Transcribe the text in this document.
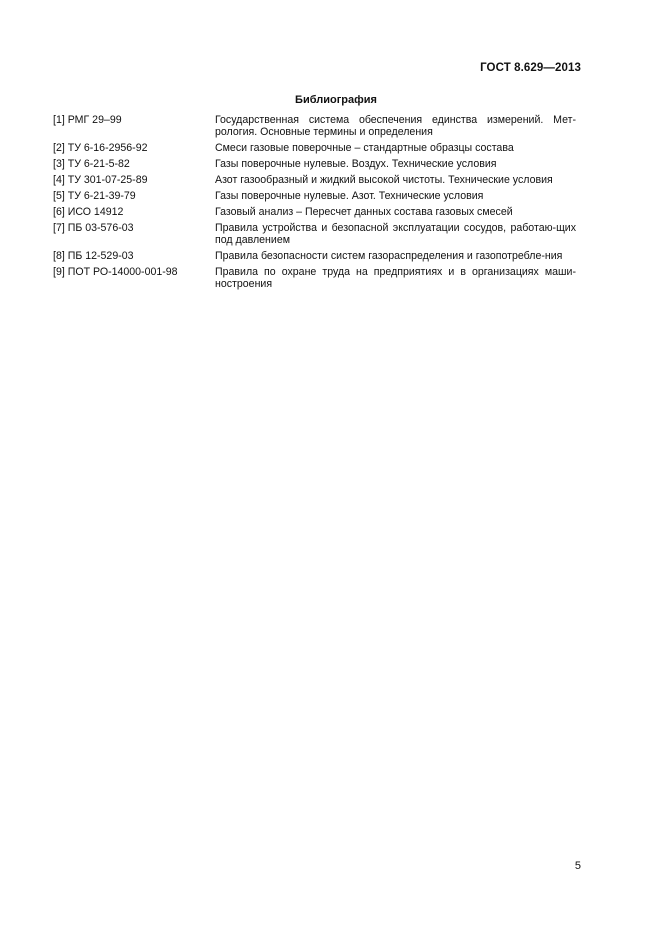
ГОСТ 8.629—2013
Библиография
[1] РМГ 29–99	Государственная система обеспечения единства измерений. Мет-рология. Основные термины и определения
[2] ТУ 6-16-2956-92	Смеси газовые поверочные – стандартные образцы состава
[3] ТУ 6-21-5-82	Газы поверочные нулевые. Воздух. Технические условия
[4] ТУ 301-07-25-89	Азот газообразный и жидкий высокой чистоты. Технические условия
[5] ТУ 6-21-39-79	Газы поверочные нулевые. Азот. Технические условия
[6] ИСО 14912	Газовый анализ – Пересчет данных состава газовых смесей
[7] ПБ 03-576-03	Правила устройства и безопасной эксплуатации сосудов, работаю-щих под давлением
[8] ПБ 12-529-03	Правила безопасности систем газораспределения и газопотребле-ния
[9] ПОТ РО-14000-001-98	Правила по охране труда на предприятиях и в организациях маши-ностроения
5
